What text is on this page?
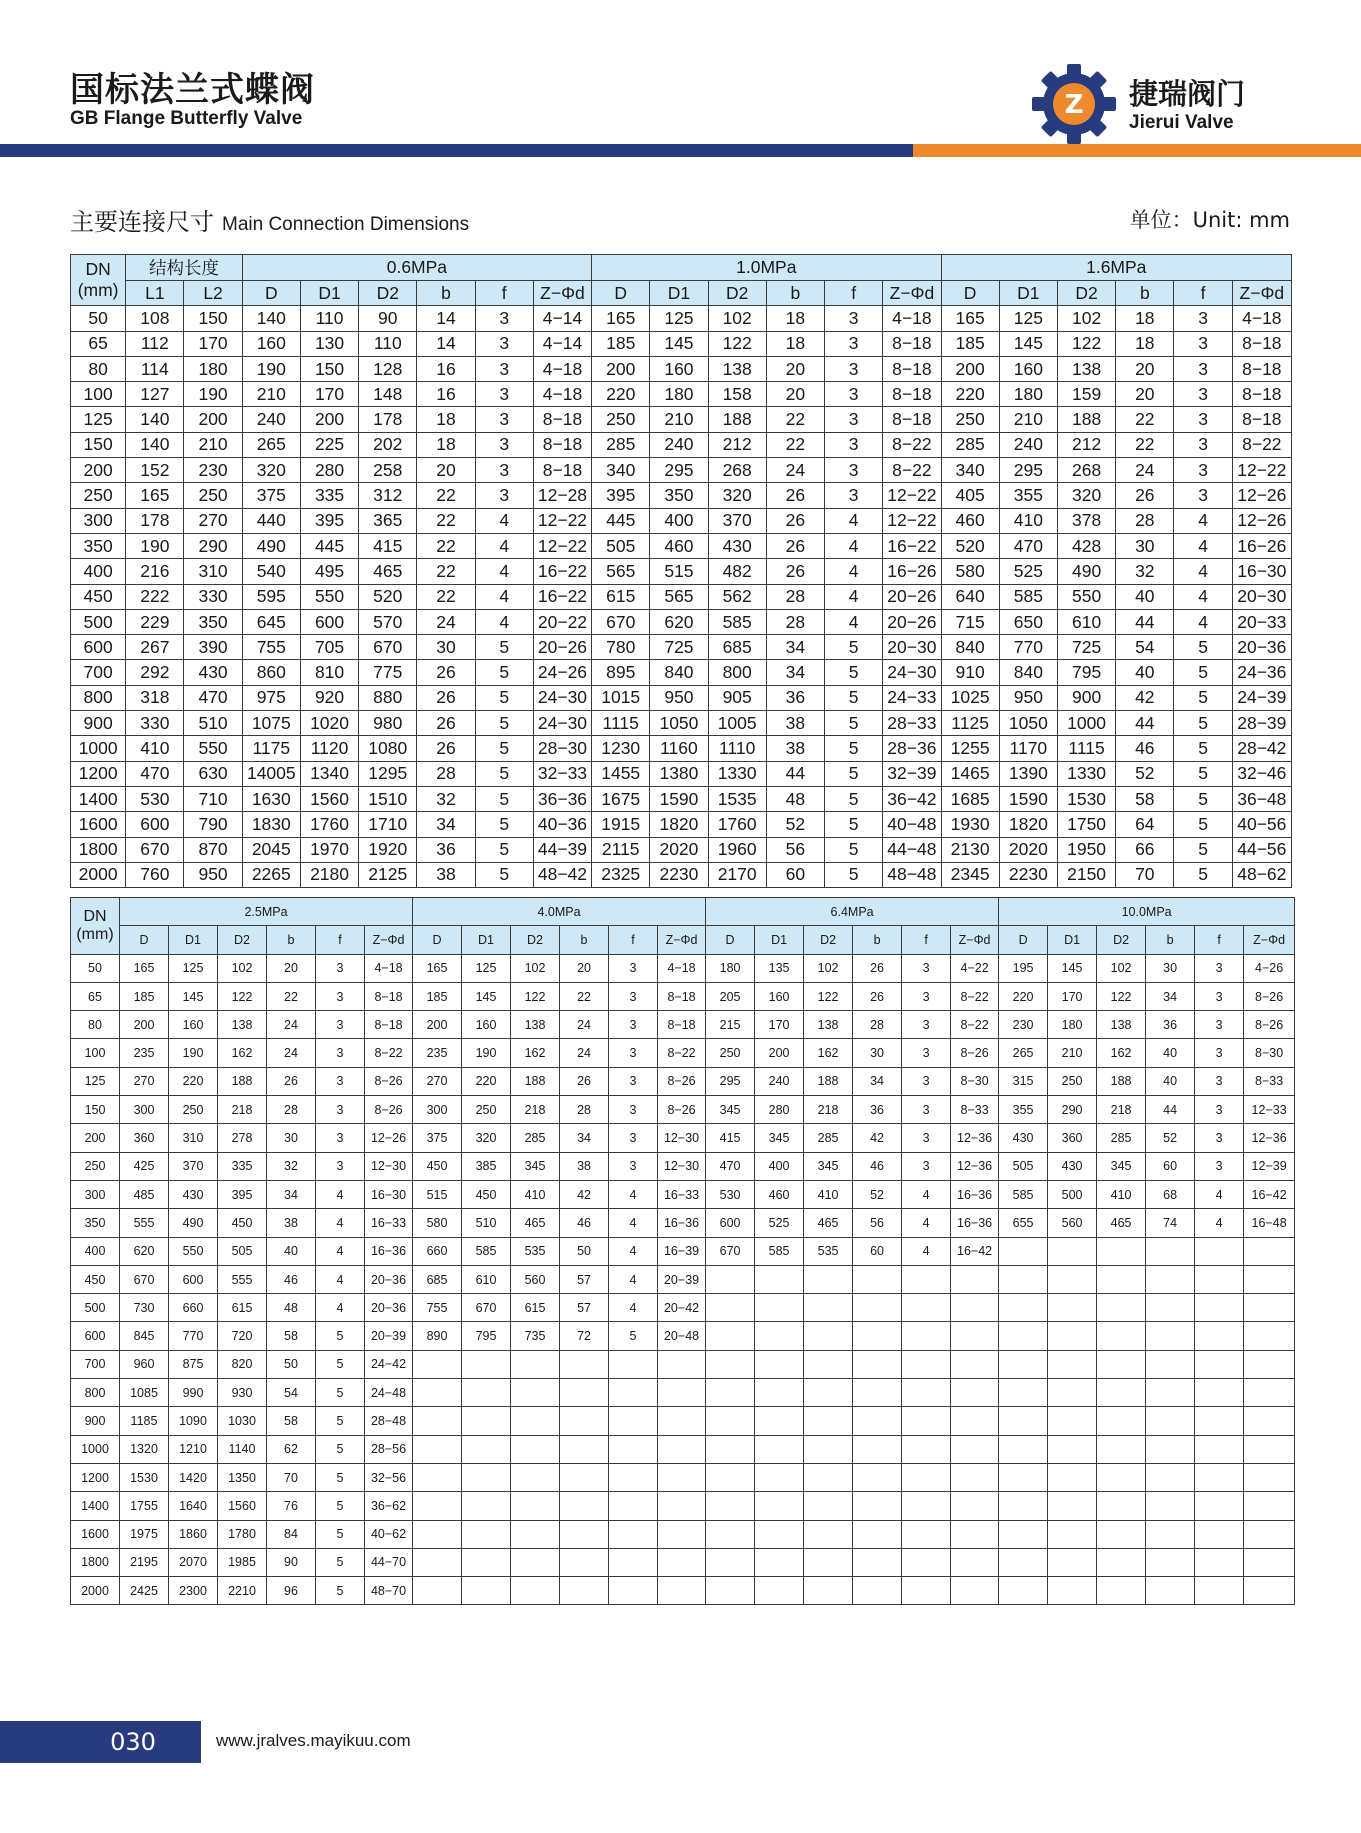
国标法兰式蝶阀
GB Flange Butterfly Valve	Z 捷瑞阀门
Jierui Valve
主要连接尺寸 Main Connection Dimensions	单位：Unit: mm
DN
(mm)	结构长度		0.6MPa						1.0MPa						1.6MPa					
	L1	L2	D	D1	D2	b	f	Z−Φd	D	D1	D2	b	f	Z−Φd	D	D1	D2	b	f	Z−Φd
50	108	150	140	110	90	14	3	4−14	165	125	102	18	3	4−18	165	125	102	18	3	4−18
65	112	170	160	130	110	14	3	4−14	185	145	122	18	3	8−18	185	145	122	18	3	8−18
80	114	180	190	150	128	16	3	4−18	200	160	138	20	3	8−18	200	160	138	20	3	8−18
100	127	190	210	170	148	16	3	4−18	220	180	158	20	3	8−18	220	180	159	20	3	8−18
125	140	200	240	200	178	18	3	8−18	250	210	188	22	3	8−18	250	210	188	22	3	8−18
150	140	210	265	225	202	18	3	8−18	285	240	212	22	3	8−22	285	240	212	22	3	8−22
200	152	230	320	280	258	20	3	8−18	340	295	268	24	3	8−22	340	295	268	24	3	12−22
250	165	250	375	335	312	22	3	12−28	395	350	320	26	3	12−22	405	355	320	26	3	12−26
300	178	270	440	395	365	22	4	12−22	445	400	370	26	4	12−22	460	410	378	28	4	12−26
350	190	290	490	445	415	22	4	12−22	505	460	430	26	4	16−22	520	470	428	30	4	16−26
400	216	310	540	495	465	22	4	16−22	565	515	482	26	4	16−26	580	525	490	32	4	16−30
450	222	330	595	550	520	22	4	16−22	615	565	562	28	4	20−26	640	585	550	40	4	20−30
500	229	350	645	600	570	24	4	20−22	670	620	585	28	4	20−26	715	650	610	44	4	20−33
600	267	390	755	705	670	30	5	20−26	780	725	685	34	5	20−30	840	770	725	54	5	20−36
700	292	430	860	810	775	26	5	24−26	895	840	800	34	5	24−30	910	840	795	40	5	24−36
800	318	470	975	920	880	26	5	24−30	1015	950	905	36	5	24−33	1025	950	900	42	5	24−39
900	330	510	1075	1020	980	26	5	24−30	1115	1050	1005	38	5	28−33	1125	1050	1000	44	5	28−39
1000	410	550	1175	1120	1080	26	5	28−30	1230	1160	1110	38	5	28−36	1255	1170	1115	46	5	28−42
1200	470	630	14005	1340	1295	28	5	32−33	1455	1380	1330	44	5	32−39	1465	1390	1330	52	5	32−46
1400	530	710	1630	1560	1510	32	5	36−36	1675	1590	1535	48	5	36−42	1685	1590	1530	58	5	36−48
1600	600	790	1830	1760	1710	34	5	40−36	1915	1820	1760	52	5	40−48	1930	1820	1750	64	5	40−56
1800	670	870	2045	1970	1920	36	5	44−39	2115	2020	1960	56	5	44−48	2130	2020	1950	66	5	44−56
2000	760	950	2265	2180	2125	38	5	48−42	2325	2230	2170	60	5	48−48	2345	2230	2150	70	5	48−62
DN
(mm)	2.5MPa						4.0MPa						6.4MPa						10.0MPa					
	D	D1	D2	b	f	Z−Φd	D	D1	D2	b	f	Z−Φd	D	D1	D2	b	f	Z−Φd	D	D1	D2	b	f	Z−Φd
50	165	125	102	20	3	4−18	165	125	102	20	3	4−18	180	135	102	26	3	4−22	195	145	102	30	3	4−26
65	185	145	122	22	3	8−18	185	145	122	22	3	8−18	205	160	122	26	3	8−22	220	170	122	34	3	8−26
80	200	160	138	24	3	8−18	200	160	138	24	3	8−18	215	170	138	28	3	8−22	230	180	138	36	3	8−26
100	235	190	162	24	3	8−22	235	190	162	24	3	8−22	250	200	162	30	3	8−26	265	210	162	40	3	8−30
125	270	220	188	26	3	8−26	270	220	188	26	3	8−26	295	240	188	34	3	8−30	315	250	188	40	3	8−33
150	300	250	218	28	3	8−26	300	250	218	28	3	8−26	345	280	218	36	3	8−33	355	290	218	44	3	12−33
200	360	310	278	30	3	12−26	375	320	285	34	3	12−30	415	345	285	42	3	12−36	430	360	285	52	3	12−36
250	425	370	335	32	3	12−30	450	385	345	38	3	12−30	470	400	345	46	3	12−36	505	430	345	60	3	12−39
300	485	430	395	34	4	16−30	515	450	410	42	4	16−33	530	460	410	52	4	16−36	585	500	410	68	4	16−42
350	555	490	450	38	4	16−33	580	510	465	46	4	16−36	600	525	465	56	4	16−36	655	560	465	74	4	16−48
400	620	550	505	40	4	16−36	660	585	535	50	4	16−39	670	585	535	60	4	16−42						
450	670	600	555	46	4	20−36	685	610	560	57	4	20−39												
500	730	660	615	48	4	20−36	755	670	615	57	4	20−42												
600	845	770	720	58	5	20−39	890	795	735	72	5	20−48												
700	960	875	820	50	5	24−42																		
800	1085	990	930	54	5	24−48																		
900	1185	1090	1030	58	5	28−48																		
1000	1320	1210	1140	62	5	28−56																		
1200	1530	1420	1350	70	5	32−56																		
1400	1755	1640	1560	76	5	36−62																		
1600	1975	1860	1780	84	5	40−62																		
1800	2195	2070	1985	90	5	44−70																		
2000	2425	2300	2210	96	5	48−70																		
030	www.jralves.mayikuu.com
